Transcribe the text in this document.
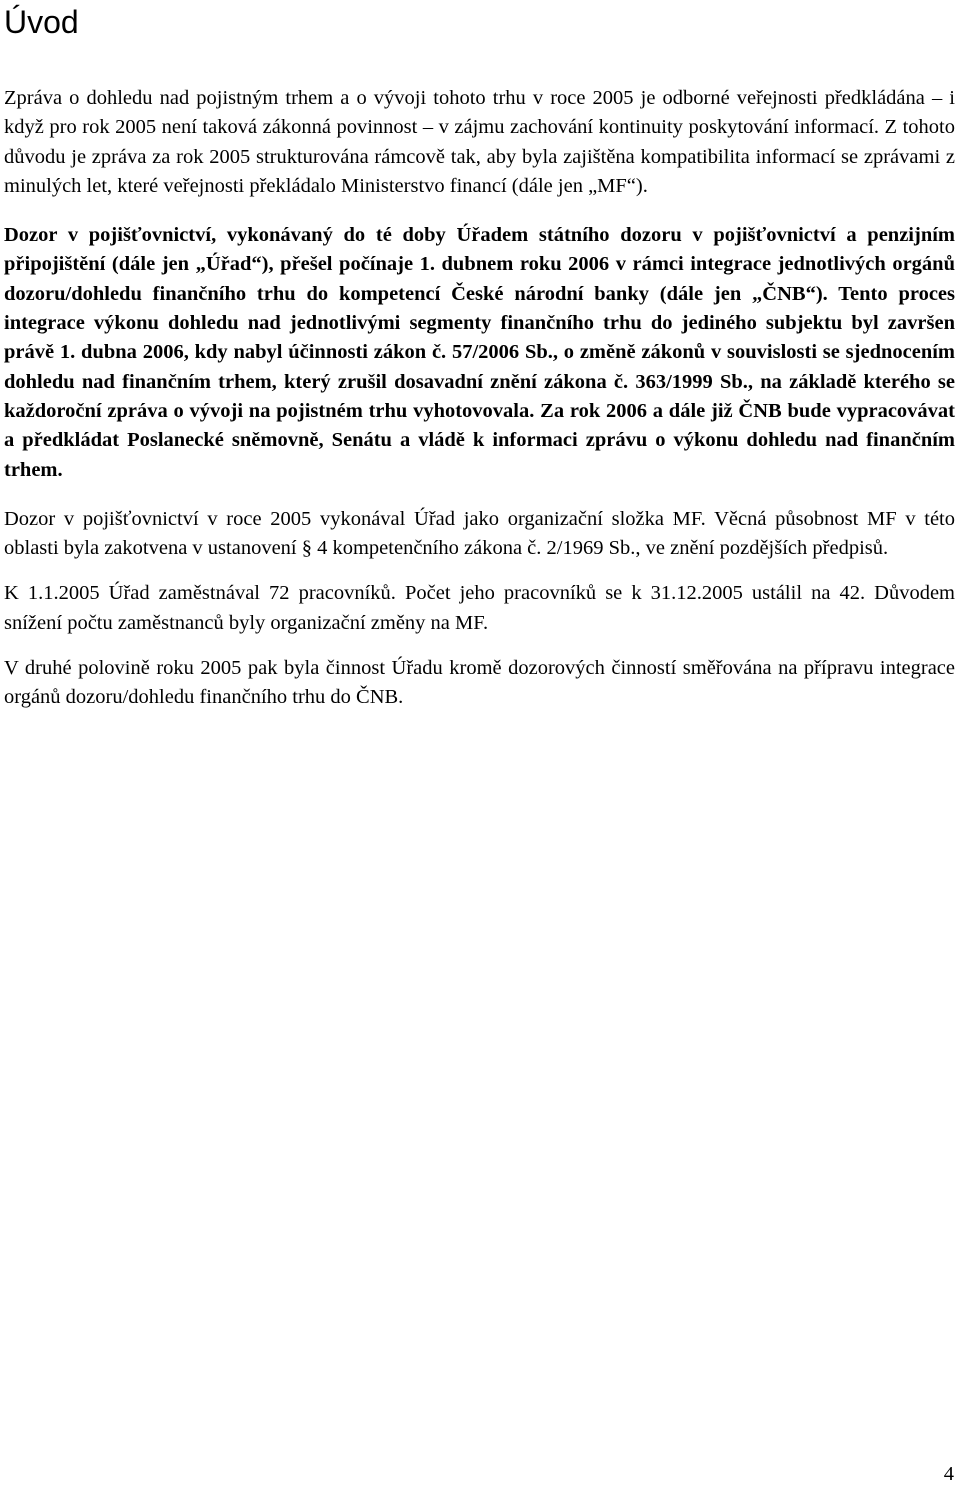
Úvod

Zpráva o dohledu nad pojistným trhem a o vývoji tohoto trhu v roce 2005 je odborné veřejnosti předkládána – i když pro rok 2005 není taková zákonná povinnost – v zájmu zachování kontinuity poskytování informací. Z tohoto důvodu je zpráva za rok 2005 strukturována rámcově tak, aby byla zajištěna kompatibilita informací se zprávami z minulých let, které veřejnosti překládalo Ministerstvo financí (dále jen „MF“).

Dozor v pojišťovnictví, vykonávaný do té doby Úřadem státního dozoru v pojišťovnictví a penzijním připojištění (dále jen „Úřad“), přešel počínaje 1. dubnem roku 2006 v rámci integrace jednotlivých orgánů dozoru/dohledu finančního trhu do kompetencí České národní banky (dále jen „ČNB“). Tento proces integrace výkonu dohledu nad jednotlivými segmenty finančního trhu do jediného subjektu byl završen právě 1. dubna 2006, kdy nabyl účinnosti zákon č. 57/2006 Sb., o změně zákonů v souvislosti se sjednocením dohledu nad finančním trhem, který zrušil dosavadní znění zákona č. 363/1999 Sb., na základě kterého se každoroční zpráva o vývoji na pojistném trhu vyhotovovala. Za rok 2006 a dále již ČNB bude vypracovávat a předkládat Poslanecké sněmovně, Senátu a vládě k informaci zprávu o výkonu dohledu nad finančním trhem.

Dozor v pojišťovnictví v roce 2005 vykonával Úřad jako organizační složka MF. Věcná působnost MF v této oblasti byla zakotvena v ustanovení § 4 kompetenčního zákona č. 2/1969 Sb., ve znění pozdějších předpisů.

K 1.1.2005 Úřad zaměstnával 72 pracovníků. Počet jeho pracovníků se k 31.12.2005 ustálil na 42. Důvodem snížení počtu zaměstnanců byly organizační změny na MF.

V druhé polovině roku 2005 pak byla činnost Úřadu kromě dozorových činností směřována na přípravu integrace orgánů dozoru/dohledu finančního trhu do ČNB.

4
